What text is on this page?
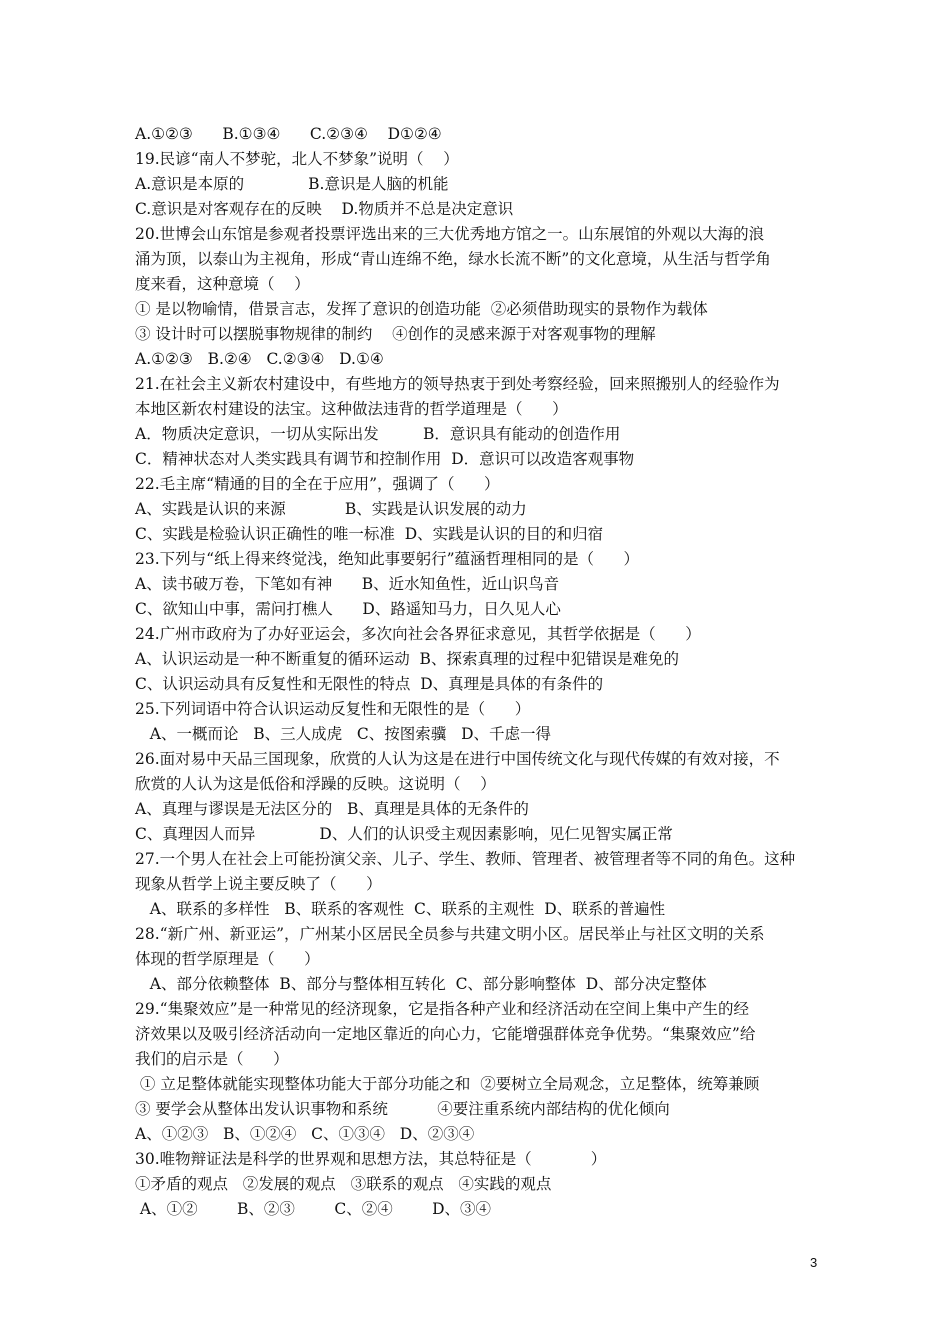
A.①②③      B.①③④      C.②③④    D①②④
19.民谚“南人不梦驼，北人不梦象”说明（    ）
A.意识是本原的             B.意识是人脑的机能
C.意识是对客观存在的反映    D.物质并不总是决定意识
20.世博会山东馆是参观者投票评选出来的三大优秀地方馆之一。山东展馆的外观以大海的浪
涌为顶，以泰山为主视角，形成“青山连绵不绝，绿水长流不断”的文化意境，从生活与哲学角
度来看，这种意境（    ）
① 是以物喻情，借景言志，发挥了意识的创造功能  ②必须借助现实的景物作为载体
③ 设计时可以摆脱事物规律的制约    ④创作的灵感来源于对客观事物的理解
A.①②③   B.②④   C.②③④   D.①④
21.在社会主义新农村建设中，有些地方的领导热衷于到处考察经验，回来照搬别人的经验作为
本地区新农村建设的法宝。这种做法违背的哲学道理是（      ）
A．物质决定意识，一切从实际出发         B．意识具有能动的创造作用
C．精神状态对人类实践具有调节和控制作用  D．意识可以改造客观事物
22.毛主席“精通的目的全在于应用”，强调了（      ）
A、实践是认识的来源            B、实践是认识发展的动力
C、实践是检验认识正确性的唯一标准  D、实践是认识的目的和归宿
23.下列与“纸上得来终觉浅，绝知此事要躬行”蕴涵哲理相同的是（      ）
A、读书破万卷，下笔如有神      B、近水知鱼性，近山识鸟音
C、欲知山中事，需问打樵人      D、路遥知马力，日久见人心
24.广州市政府为了办好亚运会，多次向社会各界征求意见，其哲学依据是（      ）
A、认识运动是一种不断重复的循环运动  B、探索真理的过程中犯错误是难免的
C、认识运动具有反复性和无限性的特点  D、真理是具体的有条件的
25.下列词语中符合认识运动反复性和无限性的是（      ）
A、一概而论   B、三人成虎   C、按图索骥   D、千虑一得
26.面对易中天品三国现象，欣赏的人认为这是在进行中国传统文化与现代传媒的有效对接，不
欣赏的人认为这是低俗和浮躁的反映。这说明（    ）
A、真理与谬误是无法区分的   B、真理是具体的无条件的
C、真理因人而异             D、人们的认识受主观因素影响，见仁见智实属正常
27.一个男人在社会上可能扮演父亲、儿子、学生、教师、管理者、被管理者等不同的角色。这种
现象从哲学上说主要反映了（      ）
A、联系的多样性   B、联系的客观性  C、联系的主观性  D、联系的普遍性
28.“新广州、新亚运”，广州某小区居民全员参与共建文明小区。居民举止与社区文明的关系
体现的哲学原理是（      ）
A、部分依赖整体  B、部分与整体相互转化  C、部分影响整体  D、部分决定整体
29.“集聚效应”是一种常见的经济现象，它是指各种产业和经济活动在空间上集中产生的经
济效果以及吸引经济活动向一定地区靠近的向心力，它能增强群体竞争优势。“集聚效应”给
我们的启示是（      ）
① 立足整体就能实现整体功能大于部分功能之和  ②要树立全局观念，立足整体，统筹兼顾
③ 要学会从整体出发认识事物和系统          ④要注重系统内部结构的优化倾向
A、①②③   B、①②④   C、①③④   D、②③④
30.唯物辩证法是科学的世界观和思想方法，其总特征是（            ）
①矛盾的观点   ②发展的观点   ③联系的观点   ④实践的观点
A、①②        B、②③        C、②④        D、③④
3
